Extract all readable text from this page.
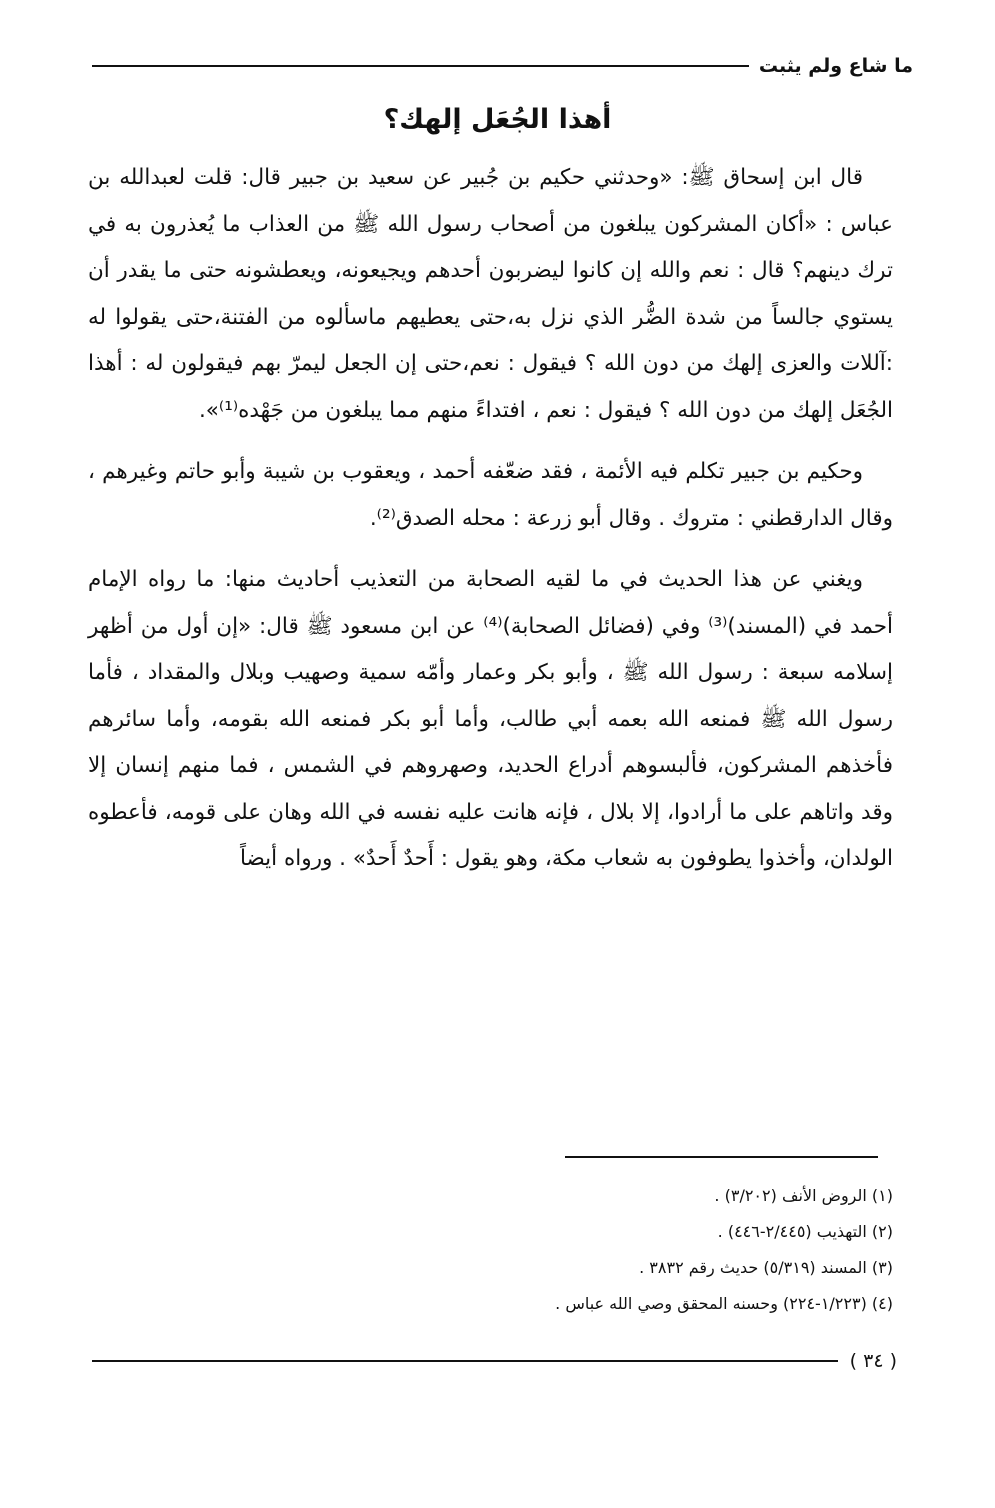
ما شاع ولم يثبت
أهذا الجُعَل إلهك؟

قال ابن إسحاق ﷺ: «وحدثني حكيم بن جُبير عن سعيد بن جبير قال: قلت لعبدالله بن عباس : «أكان المشركون يبلغون من أصحاب رسول الله ﷺ من العذاب ما يُعذرون به في ترك دينهم؟ قال : نعم والله إن كانوا ليضربون أحدهم ويجيعونه، ويعطشونه حتى ما يقدر أن يستوي جالساً من شدة الضُّر الذي نزل به،حتى يعطيهم ماسألوه من الفتنة،حتى يقولوا له :آللات والعزى إلهك من دون الله ؟ فيقول : نعم،حتى إن الجعل ليمرّ بهم فيقولون له : أهذا الجُعَل إلهك من دون الله ؟ فيقول : نعم ، افتداءً منهم مما يبلغون من جَهْده⁽¹⁾».

وحكيم بن جبير تكلم فيه الأئمة ، فقد ضعّفه أحمد ، ويعقوب بن شيبة وأبو حاتم وغيرهم ، وقال الدارقطني : متروك . وقال أبو زرعة : محله الصدق⁽²⁾.

ويغني عن هذا الحديث في ما لقيه الصحابة من التعذيب أحاديث منها: ما رواه الإمام أحمد في (المسند)⁽³⁾ وفي (فضائل الصحابة)⁽⁴⁾ عن ابن مسعود ﷺ قال: «إن أول من أظهر إسلامه سبعة : رسول الله ﷺ ، وأبو بكر وعمار وأمّه سمية وصهيب وبلال والمقداد ، فأما رسول الله ﷺ فمنعه الله بعمه أبي طالب، وأما أبو بكر فمنعه الله بقومه، وأما سائرهم فأخذهم المشركون، فألبسوهم أدراع الحديد، وصهروهم في الشمس ، فما منهم إنسان إلا وقد واتاهم على ما أرادوا، إلا بلال ، فإنه هانت عليه نفسه في الله وهان على قومه، فأعطوه الولدان، وأخذوا يطوفون به شعاب مكة، وهو يقول : أَحدٌ أَحدٌ» . ورواه أيضاً

(١) الروض الأنف (٣/٢٠٢) .
(٢) التهذيب (٢/٤٤٥-٤٤٦) .
(٣) المسند (٥/٣١٩) حديث رقم ٣٨٣٢ .
(٤) (١/٢٢٣-٢٢٤) وحسنه المحقق وصي الله عباس .
( ٣٤ )
